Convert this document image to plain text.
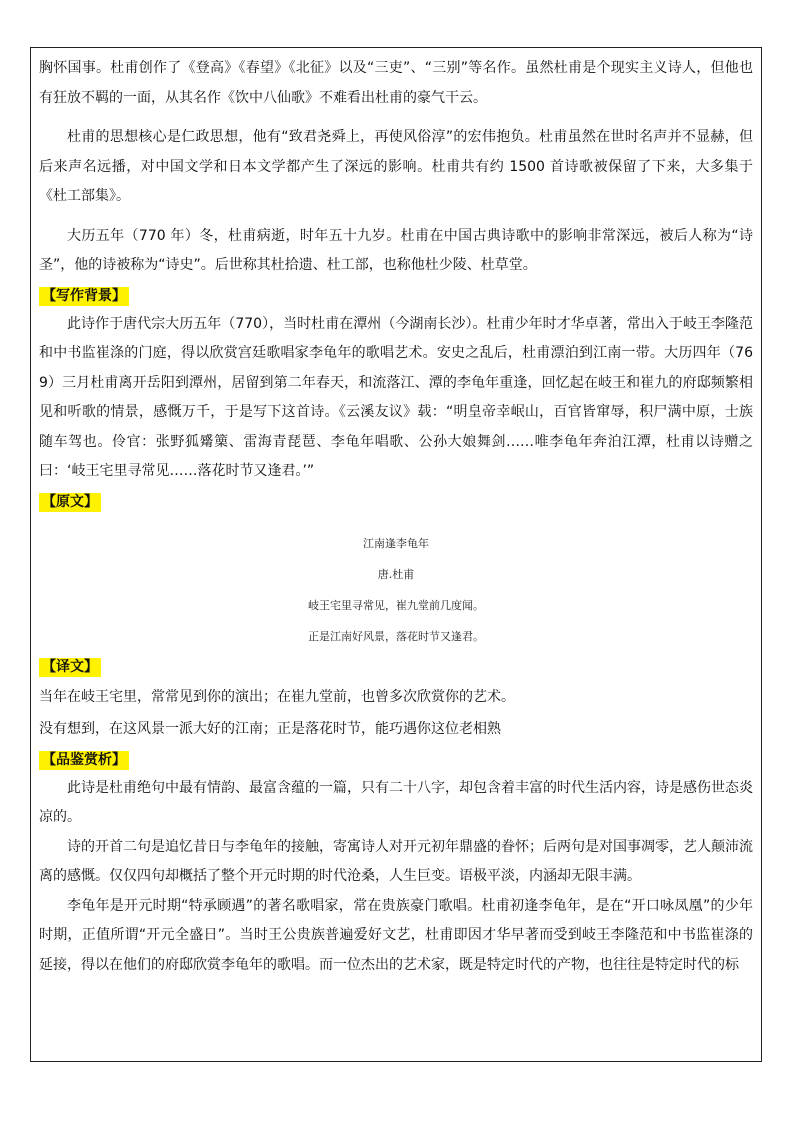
胸怀国事。杜甫创作了《登高》《春望》《北征》以及“三吏”、“三别”等名作。虽然杜甫是个现实主义诗人，但他也有狂放不羁的一面，从其名作《饮中八仙歌》不难看出杜甫的豪气干云。

杜甫的思想核心是仁政思想，他有“致君尧舜上，再使风俗淳”的宏伟抱负。杜甫虽然在世时名声并不显赫，但后来声名远播，对中国文学和日本文学都产生了深远的影响。杜甫共有约 1500 首诗歌被保留了下来，大多集于《杜工部集》。

大历五年（770 年）冬，杜甫病逝，时年五十九岁。杜甫在中国古典诗歌中的影响非常深远，被后人称为“诗圣”，他的诗被称为“诗史”。后世称其杜拾遗、杜工部，也称他杜少陵、杜草堂。

【写作背景】

此诗作于唐代宗大历五年（770），当时杜甫在潭州（今湖南长沙）。杜甫少年时才华卓著，常出入于岐王李隆范和中书监崔涤的门庭，得以欣赏宫廷歌唱家李龟年的歌唱艺术。安史之乱后，杜甫漂泊到江南一带。大历四年（769）三月杜甫离开岳阳到潭州，居留到第二年春天，和流落江、潭的李龟年重逢，回忆起在岐王和崔九的府邸频繁相见和听歌的情景，感慨万千，于是写下这首诗。《云溪友议》载：“明皇帝幸岷山，百官皆窜辱，积尸满中原，士族随车驾也。伶官：张野狐觱篥、雷海青琵琶、李龟年唱歌、公孙大娘舞剑……唯李龟年奔泊江潭，杜甫以诗赠之曰：‘岐王宅里寻常见……落花时节又逢君。’”

【原文】

江南逢李龟年

唐.杜甫

岐王宅里寻常见，崔九堂前几度闻。

正是江南好风景，落花时节又逢君。

【译文】

当年在岐王宅里，常常见到你的演出；在崔九堂前，也曾多次欣赏你的艺术。

没有想到，在这风景一派大好的江南；正是落花时节，能巧遇你这位老相熟

【品鉴赏析】

此诗是杜甫绝句中最有情韵、最富含蕴的一篇，只有二十八字，却包含着丰富的时代生活内容，诗是感伤世态炎凉的。

诗的开首二句是追忆昔日与李龟年的接触，寄寓诗人对开元初年鼎盛的眷怀；后两句是对国事凋零，艺人颠沛流离的感慨。仅仅四句却概括了整个开元时期的时代沧桑，人生巨变。语极平淡，内涵却无限丰满。

李龟年是开元时期“特承顾遇”的著名歌唱家，常在贵族豪门歌唱。杜甫初逢李龟年，是在“开口咏凤凰”的少年时期，正值所谓“开元全盛日”。当时王公贵族普遍爱好文艺，杜甫即因才华早著而受到岐王李隆范和中书监崔涤的延接，得以在他们的府邸欣赏李龟年的歌唱。而一位杰出的艺术家，既是特定时代的产物，也往往是特定时代的标
